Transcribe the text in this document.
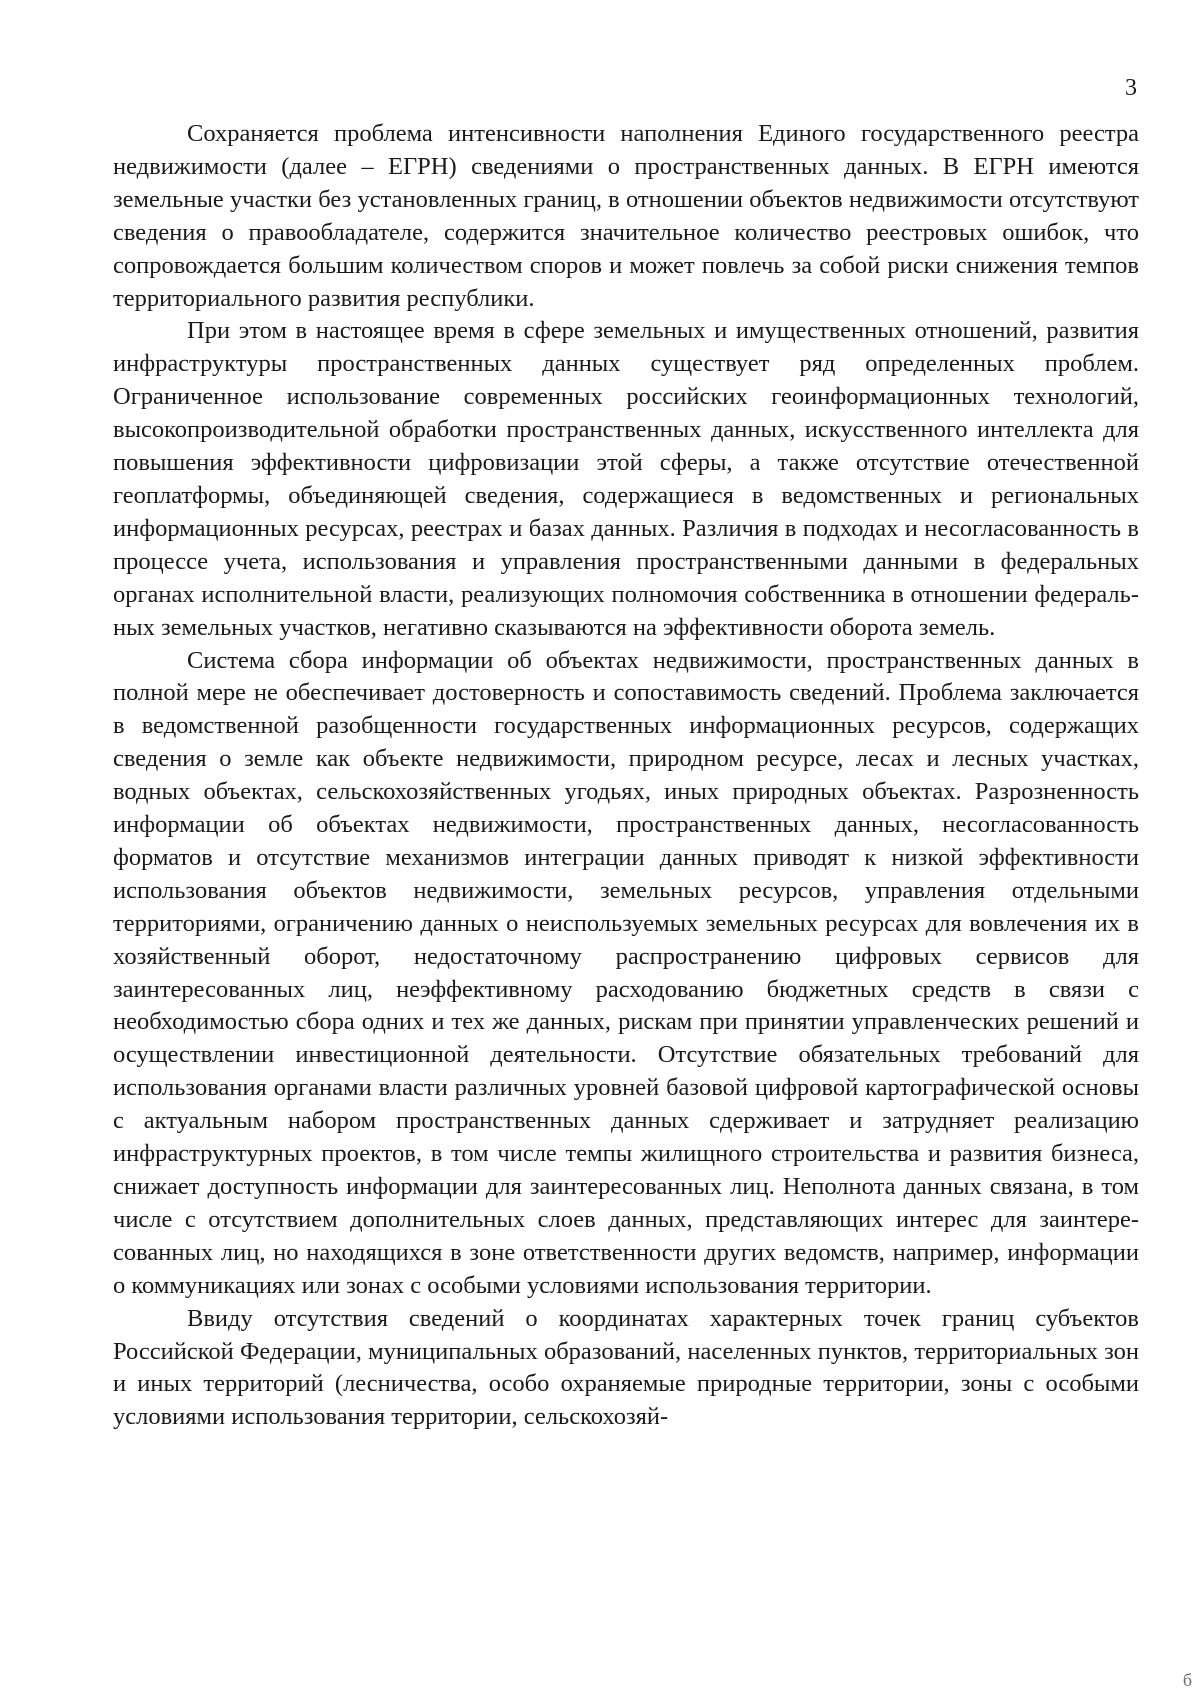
3

Сохраняется проблема интенсивности наполнения Единого государственного реестра недвижимости (далее – ЕГРН) сведениями о пространственных данных. В ЕГРН имеются земельные участки без установленных границ, в отношении объектов недвижимости отсутствуют сведения о правообладателе, содержится значительное количество реестровых ошибок, что сопровождается большим количеством споров и может повлечь за собой риски снижения темпов территориального развития республики.

При этом в настоящее время в сфере земельных и имущественных отношений, развития инфраструктуры пространственных данных существует ряд определенных проблем. Ограниченное использование современных российских геоинформационных технологий, высокопроизводительной обработки пространственных данных, искусственного интеллекта для повышения эффективности цифровизации этой сферы, а также отсутствие отечественной геоплатформы, объединяющей сведения, содержащиеся в ведомственных и региональных информационных ресурсах, реестрах и базах данных. Различия в подходах и несогласованность в процессе учета, использования и управления пространственными данными в федеральных органах исполнительной власти, реализующих полномочия собственника в отношении федеральных земельных участков, негативно сказываются на эффективности оборота земель.

Система сбора информации об объектах недвижимости, пространственных данных в полной мере не обеспечивает достоверность и сопоставимость сведений. Проблема заключается в ведомственной разобщенности государственных информационных ресурсов, содержащих сведения о земле как объекте недвижимости, природном ресурсе, лесах и лесных участках, водных объектах, сельскохозяйственных угодьях, иных природных объектах. Разрозненность информации об объектах недвижимости, пространственных данных, несогласованность форматов и отсутствие механизмов интеграции данных приводят к низкой эффективности использования объектов недвижимости, земельных ресурсов, управления отдельными территориями, ограничению данных о неиспользуемых земельных ресурсах для вовлечения их в хозяйственный оборот, недостаточному распространению цифровых сервисов для заинтересованных лиц, неэффективному расходованию бюджетных средств в связи с необходимостью сбора одних и тех же данных, рискам при принятии управленческих решений и осуществлении инвестиционной деятельности. Отсутствие обязательных требований для использования органами власти различных уровней базовой цифровой картографической основы с актуальным набором пространственных данных сдерживает и затрудняет реализацию инфраструктурных проектов, в том числе темпы жилищного строительства и развития бизнеса, снижает доступность информации для заинтересованных лиц. Неполнота данных связана, в том числе с отсутствием дополнительных слоев данных, представляющих интерес для заинтересованных лиц, но находящихся в зоне ответственности других ведомств, например, информации о коммуникациях или зонах с особыми условиями использования территории.

Ввиду отсутствия сведений о координатах характерных точек границ субъектов Российской Федерации, муниципальных образований, населенных пунктов, территориальных зон и иных территорий (лесничества, особо охраняемые природные территории, зоны с особыми условиями использования территории, сельскохозяй-

б
